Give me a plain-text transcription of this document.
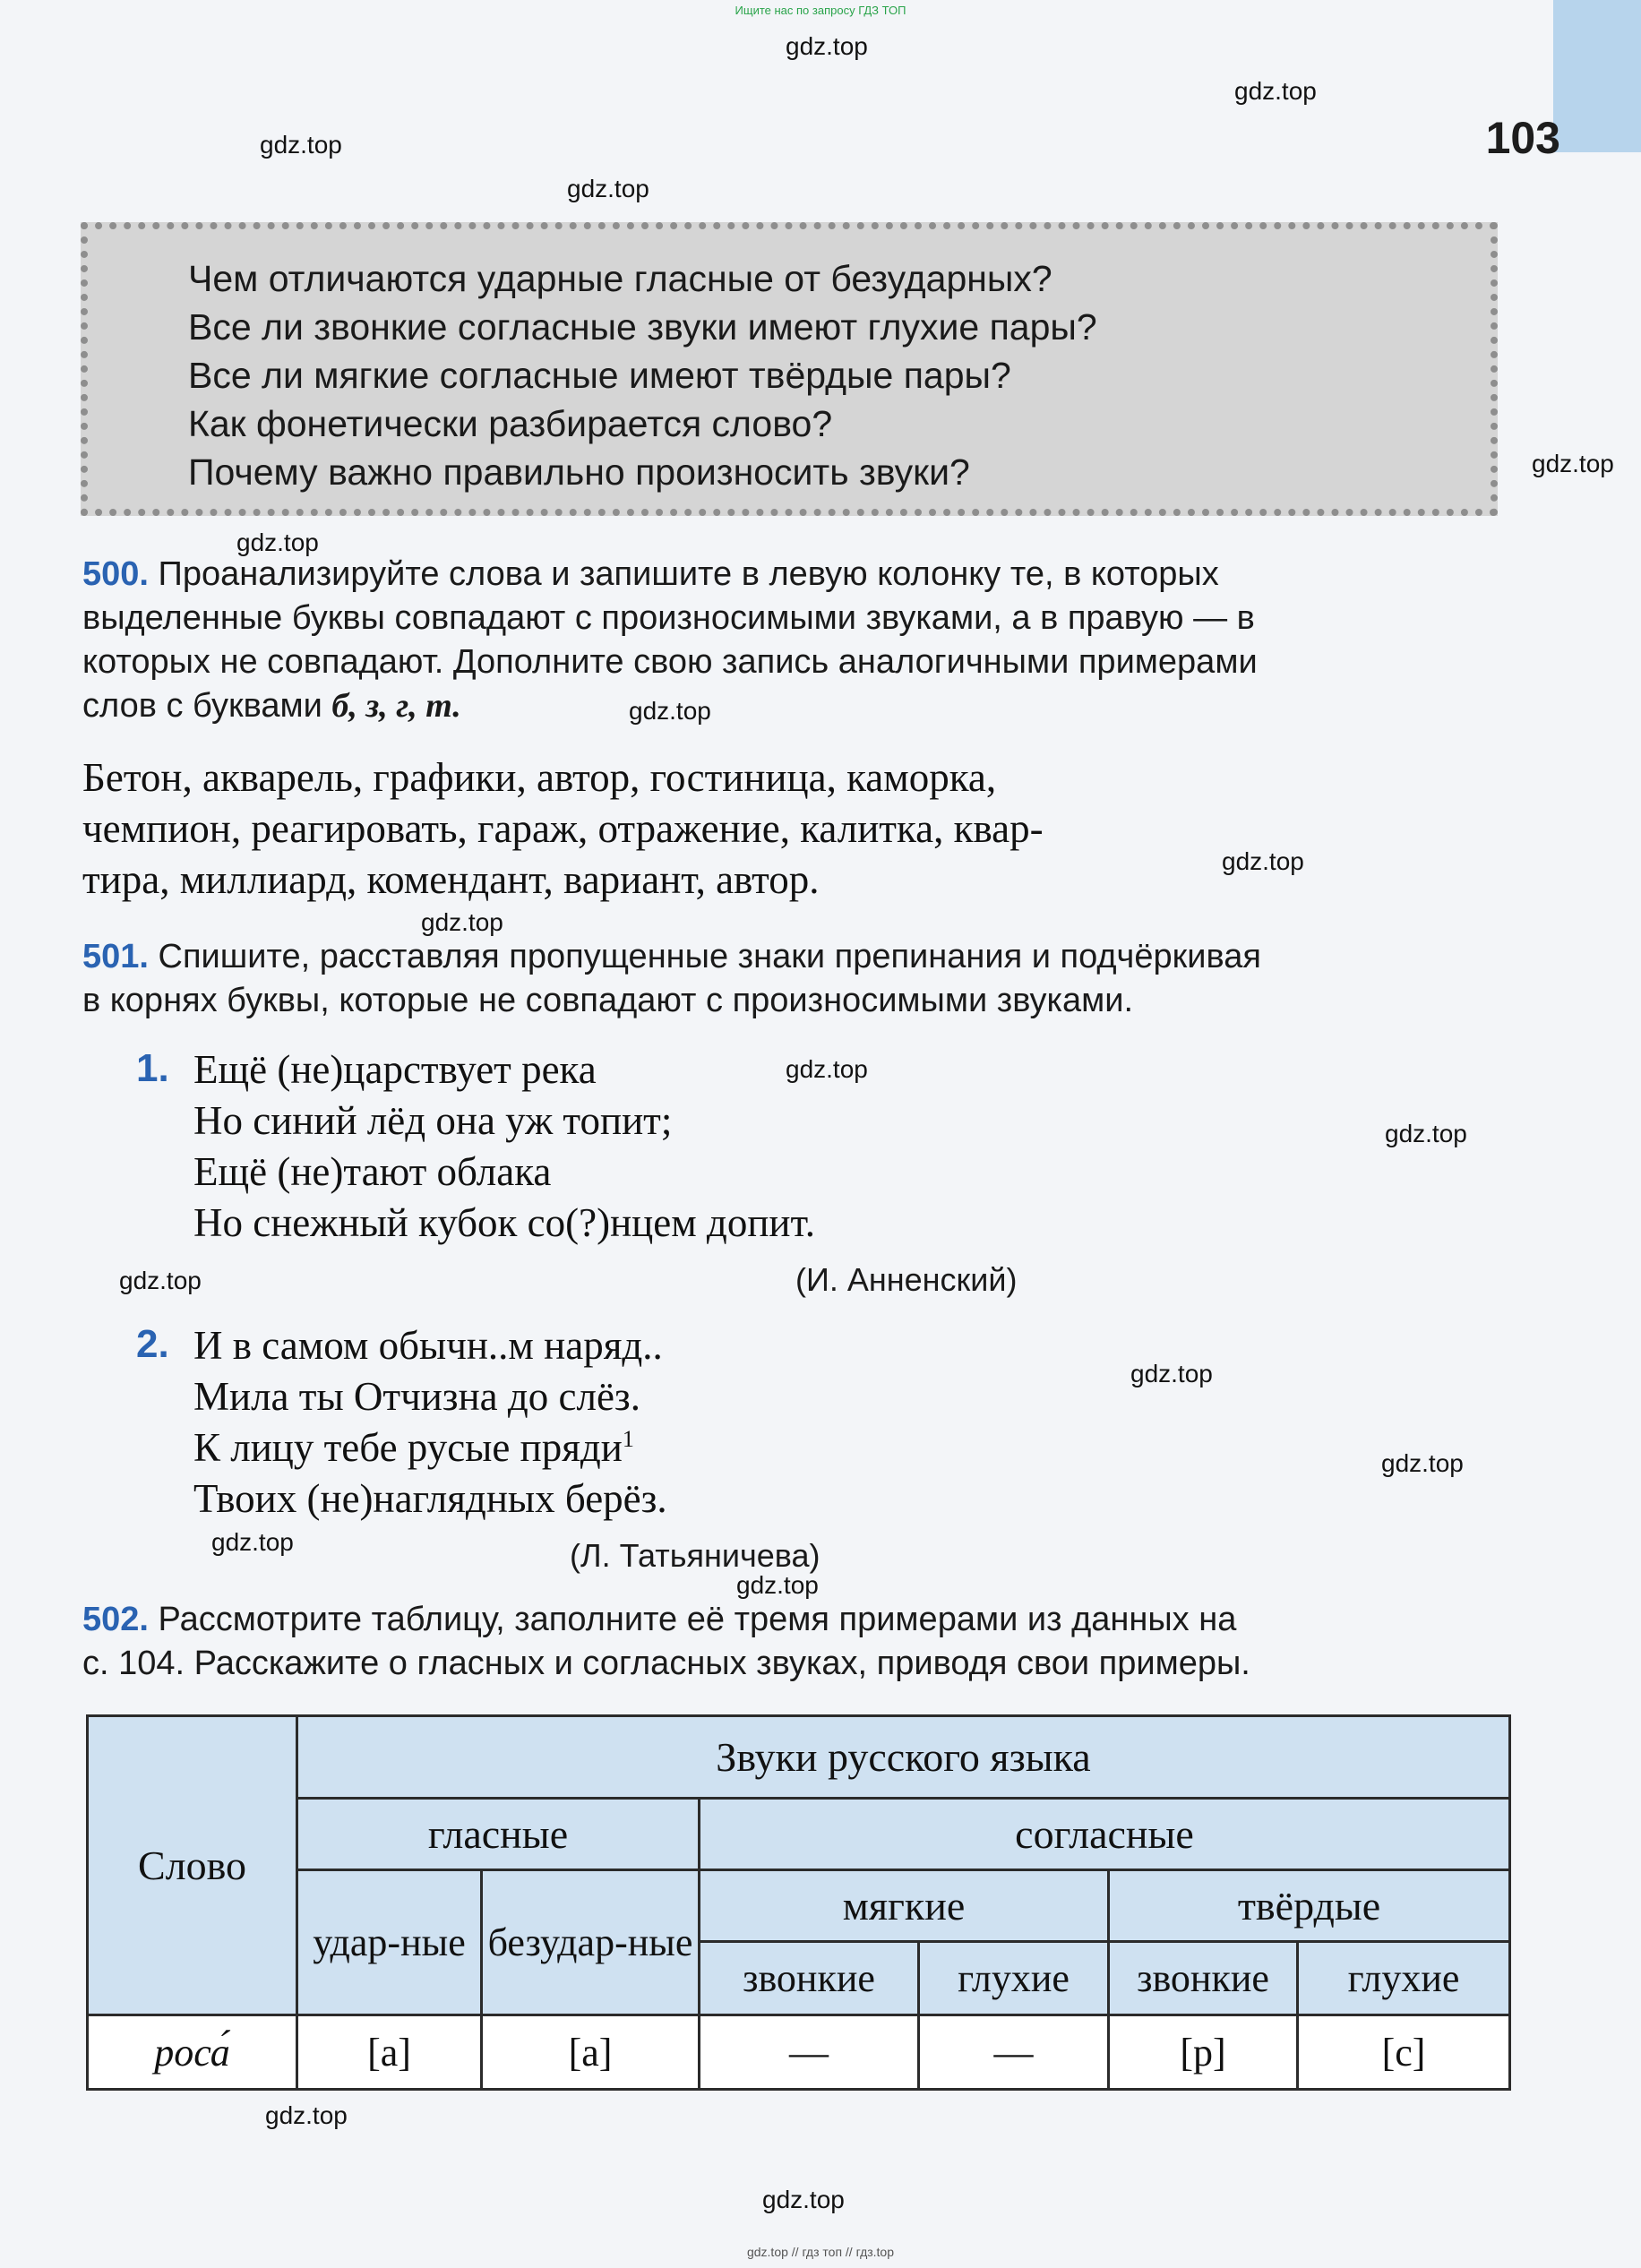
Ищите нас по запросу ГДЗ ТОП
103
gdz.top
gdz.top
gdz.top
gdz.top
gdz.top
gdz.top
gdz.top
gdz.top
gdz.top
gdz.top
gdz.top
gdz.top
gdz.top
gdz.top
gdz.top
gdz.top
gdz.top
gdz.top
gdz.top
Чем отличаются ударные гласные от безударных?
Все ли звонкие согласные звуки имеют глухие пары?
Все ли мягкие согласные имеют твёрдые пары?
Как фонетически разбирается слово?
Почему важно правильно произносить звуки?
500. Проанализируйте слова и запишите в левую колонку те, в которых
выделенные буквы совпадают с произносимыми звуками, а в правую — в
которых не совпадают. Дополните свою запись аналогичными примерами
слов с буквами б, з, г, т.
Бетон, акварель, графики, автор, гостиница, каморка,
чемпион, реагировать, гараж, отражение, калитка, квар-
тира, миллиард, комендант, вариант, автор.
501. Спишите, расставляя пропущенные знаки препинания и подчёркивая
в корнях буквы, которые не совпадают с произносимыми звуками.
1. Ещё (не)царствует река
Но синий лёд она уж топит;
Ещё (не)тают облака
Но снежный кубок со(?)нцем допит.
(И. Анненский)
2. И в самом обычн..м наряд..
Мила ты Отчизна до слёз.
К лицу тебе русые пряди$^1$
Твоих (не)наглядных берёз.
(Л. Татьяничева)
502. Рассмотрите таблицу, заполните её тремя примерами из данных на
с. 104. Расскажите о гласных и согласных звуках, приводя свои примеры.
Слово	Звуки русского языка					
	гласные		согласные			
	удар-ные	безудар-ные	мягкие		твёрдые	
			звонкие	глухие	звонкие	глухие
роса́	[а]	[а]	—	—	[р]	[с]
gdz.top // гдз топ // гдз.top
